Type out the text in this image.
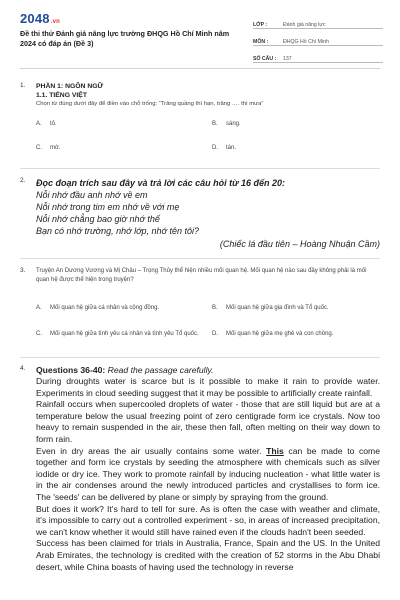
2048.vn
Đề thi thử Đánh giá năng lực trường ĐHQG Hồ Chí Minh năm 2024 có đáp án (Đề 3)
LỚP :	Đánh giá năng lực
MÔN :	ĐHQG Hồ Chí Minh
SỐ CÂU :	137
1. PHẦN 1: NGÔN NGỮ
1.1. TIẾNG VIỆT
Chọn từ đúng dưới đây để điền vào chỗ trống: “Trăng quầng thì hạn, trăng …. thì mưa”
A.	tỏ.	B.	sáng.
C.	mờ.	D.	tán.
2. Đọc đoạn trích sau đây và trả lời các câu hỏi từ 16 đến 20:
Nỗi nhớ đầu anh nhớ về em
Nỗi nhớ trong tim em nhớ về với mẹ
Nỗi nhớ chẳng bao giờ nhớ thế
Bạn có nhớ trường, nhớ lớp, nhớ tên tôi?
(Chiếc lá đầu tiên – Hoàng Nhuận Cầm)
3. Truyện An Dương Vương và Mị Châu – Trọng Thủy thể hiện nhiều mối quan hệ. Mối quan hệ nào sau đây không phải là mối quan hệ được thể hiện trong truyện?
A.	Mối quan hệ giữa cá nhân và cộng đồng.	B.	Mối quan hệ giữa gia đình và Tổ quốc.
C.	Mối quan hệ giữa tình yêu cá nhân và tình yêu Tổ quốc. D.	Mối quan hệ giữa mẹ ghẻ và con chồng.
4. Questions 36-40: Read the passage carefully.

During droughts water is scarce but is it possible to make it rain to provide water. Experiments in cloud seeding suggest that it may be possible to artificially create rainfall.

Rainfall occurs when supercooled droplets of water - those that are still liquid but are at a temperature below the usual freezing point of zero centigrade form ice crystals. Now too heavy to remain suspended in the air, these then fall, often melting on their way down to form rain.

Even in dry areas the air usually contains some water. This can be made to come together and form ice crystals by seeding the atmosphere with chemicals such as silver iodide or dry ice. They work to promote rainfall by inducing nucleation - what little water is in the air condenses around the newly introduced particles and crystallises to form ice. The 'seeds' can be delivered by plane or simply by spraying from the ground.

But does it work? It's hard to tell for sure. As is often the case with weather and climate, it's impossible to carry out a controlled experiment - so, in areas of increased precipitation, we can't know whether it would still have rained even if the clouds hadn't been seeded.

Success has been claimed for trials in Australia, France, Spain and the US. In the United Arab Emirates, the technology is credited with the creation of 52 storms in the Abu Dhabi desert, while China boasts of having used the technology in reverse
